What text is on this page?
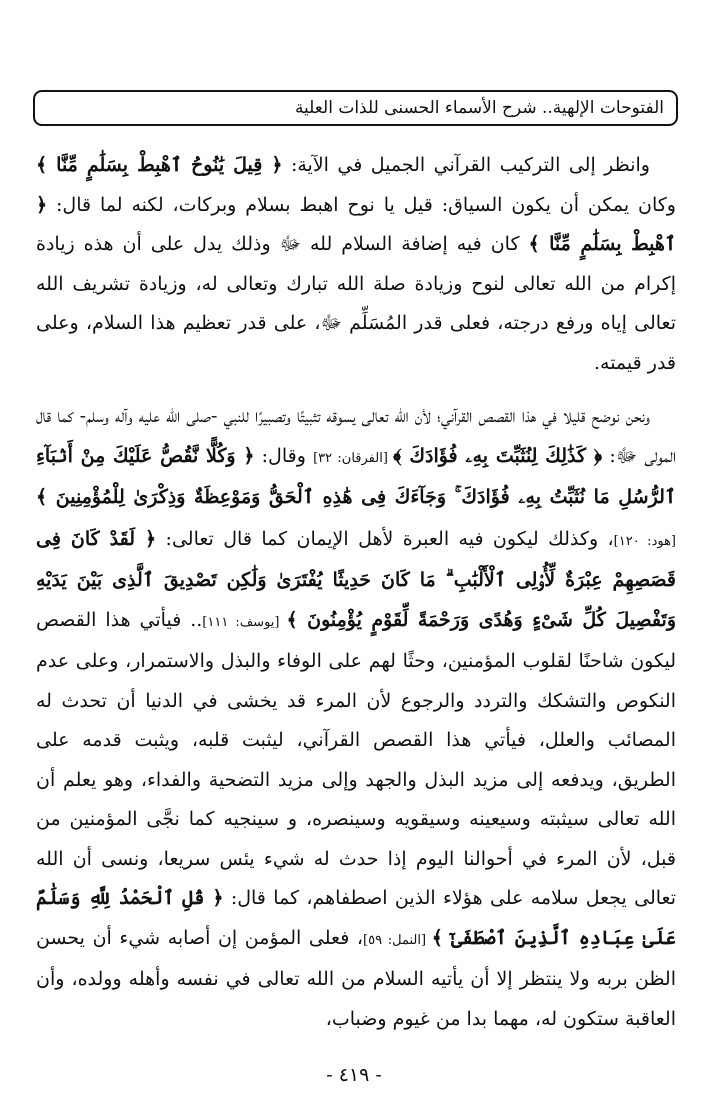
الفتوحات الإلهية.. شرح الأسماء الحسنى للذات العلية

وانظر إلى التركيب القرآني الجميل في الآية: ﴿ قِيلَ يَٰنُوحُ ٱهْبِطْ بِسَلَٰمٍ مِّنَّا ﴾ وكان يمكن أن يكون السياق: قيل يا نوح اهبط بسلام وبركات، لكنه لما قال: ﴿ ٱهْبِطْ بِسَلَٰمٍ مِّنَّا ﴾ كان فيه إضافة السلام لله ﷻ وذلك يدل على أن هذه زيادة إكرام من الله تعالى لنوح وزيادة صلة الله تبارك وتعالى له، وزيادة تشريف الله تعالى إياه ورفع درجته، فعلى قدر المُسَلِّم ﷻ، على قدر تعظيم هذا السلام، وعلى قدر قيمته.

ونحن نوضح قليلا في هذا القصص القرآني؛ لأن الله تعالى يسوقه تثبيتًا وتصبيرًا للنبي -صلى الله عليه وآله وسلم- كما قال المولى ﷻ: ﴿ كَذَٰلِكَ لِنُثَبِّتَ بِهِۦ فُؤَادَكَ ﴾ [الفرقان: ٣٢] وقال: ﴿ وَكُلًّا نَّقُصُّ عَلَيْكَ مِنْ أَنۢبَآءِ ٱلرُّسُلِ مَا نُثَبِّتُ بِهِۦ فُؤَادَكَ ۚ وَجَآءَكَ فِى هَٰذِهِ ٱلْحَقُّ وَمَوْعِظَةٌ وَذِكْرَىٰ لِلْمُؤْمِنِينَ ﴾ [هود: ١٢٠]، وكذلك ليكون فيه العبرة لأهل الإيمان كما قال تعالى: ﴿ لَقَدْ كَانَ فِى قَصَصِهِمْ عِبْرَةٌ لِّأُو۟لِى ٱلْأَلْبَٰبِ ۗ مَا كَانَ حَدِيثًا يُفْتَرَىٰ وَلَٰكِن تَصْدِيقَ ٱلَّذِى بَيْنَ يَدَيْهِ وَتَفْصِيلَ كُلِّ شَىْءٍ وَهُدًى وَرَحْمَةً لِّقَوْمٍ يُؤْمِنُونَ ﴾ [يوسف: ١١١].. فيأتي هذا القصص ليكون شاحنًا لقلوب المؤمنين، وحثًا لهم على الوفاء والبذل والاستمرار، وعلى عدم النكوص والتشكك والتردد والرجوع لأن المرء قد يخشى في الدنيا أن تحدث له المصائب والعلل، فيأتي هذا القصص القرآني، ليثبت قلبه، ويثبت قدمه على الطريق، ويدفعه إلى مزيد البذل والجهد وإلى مزيد التضحية والفداء، وهو يعلم أن الله تعالى سيثبته وسيعينه وسيقويه وسينصره، و سينجيه كما نجَّى المؤمنين من قبل، لأن المرء في أحوالنا اليوم إذا حدث له شيء يئس سريعا، ونسى أن الله تعالى يجعل سلامه على هؤلاء الذين اصطفاهم، كما قال: ﴿ قُلِ ٱلْحَمْدُ لِلَّهِ وَسَلَٰمٌ عَلَىٰ عِبَادِهِ ٱلَّذِينَ ٱصْطَفَىٰٓ ﴾ [النمل: ٥٩]، فعلى المؤمن إن أصابه شيء أن يحسن الظن بربه ولا ينتظر إلا أن يأتيه السلام من الله تعالى في نفسه وأهله وولده، وأن العاقبة ستكون له، مهما بدا من غيوم وضباب،

- ٤١٩ -
